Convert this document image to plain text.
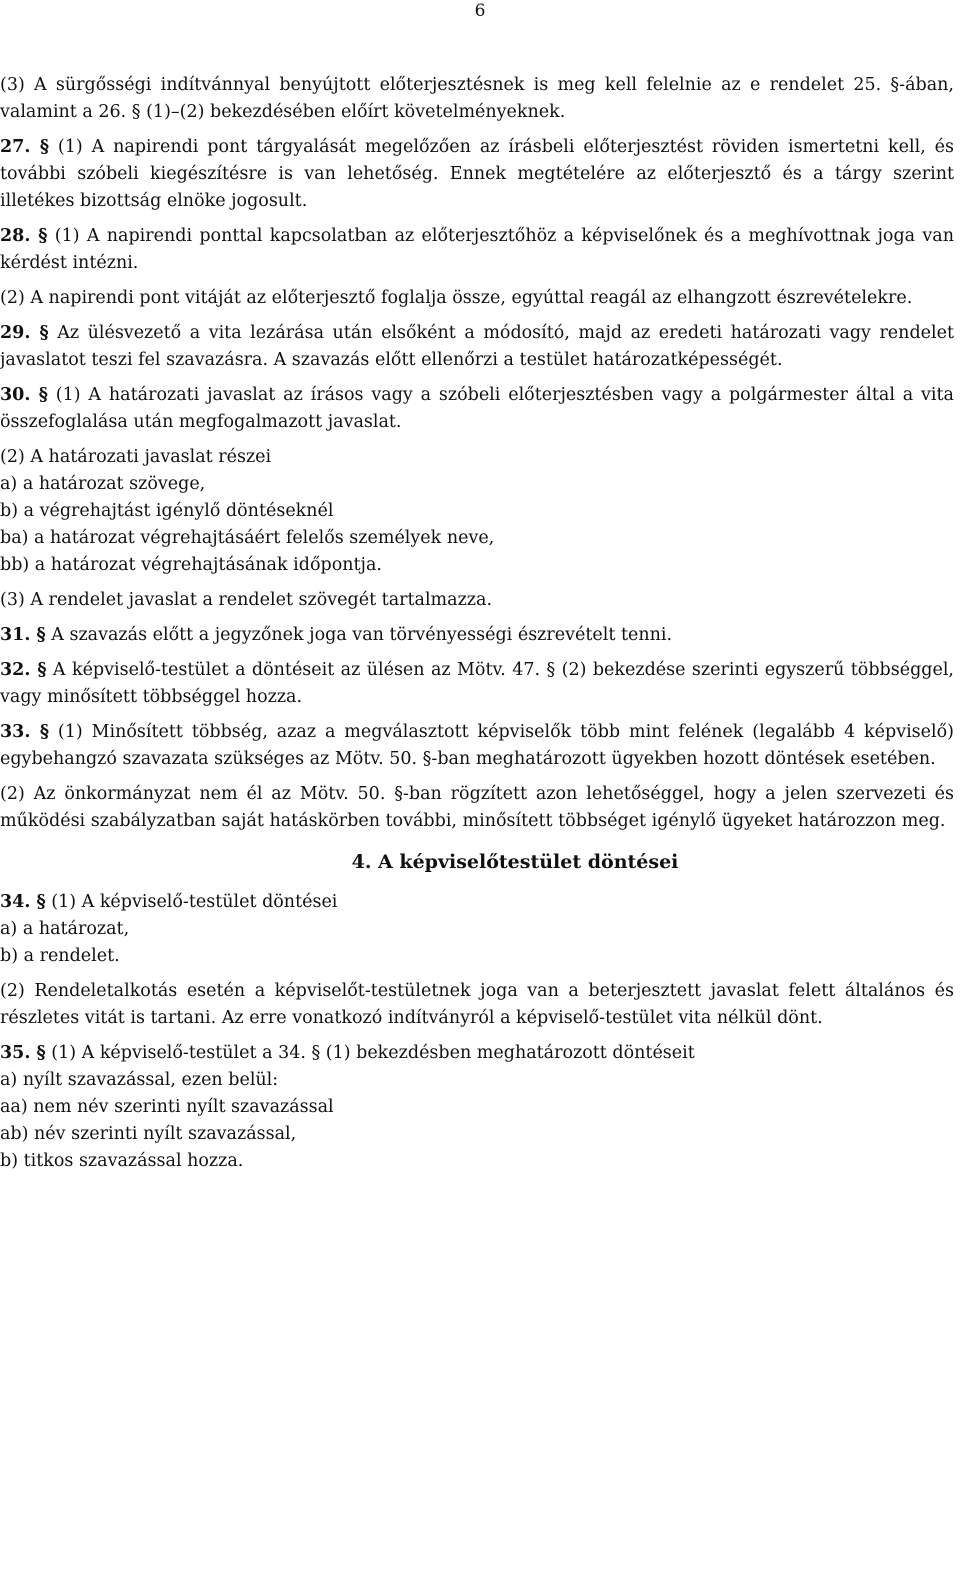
6

(3) A sürgősségi indítvánnyal benyújtott előterjesztésnek is meg kell felelnie az e rendelet 25. §-ában, valamint a 26. § (1)–(2) bekezdésében előírt követelményeknek.

27. § (1) A napirendi pont tárgyalását megelőzően az írásbeli előterjesztést röviden ismertetni kell, és további szóbeli kiegészítésre is van lehetőség. Ennek megtételére az előterjesztő és a tárgy szerint illetékes bizottság elnöke jogosult.

28. § (1) A napirendi ponttal kapcsolatban az előterjesztőhöz a képviselőnek és a meghívottnak joga van kérdést intézni.

(2) A napirendi pont vitáját az előterjesztő foglalja össze, egyúttal reagál az elhangzott észrevételekre.

29. § Az ülésvezető a vita lezárása után elsőként a módosító, majd az eredeti határozati vagy rendelet javaslatot teszi fel szavazásra. A szavazás előtt ellenőrzi a testület határozatképességét.

30. § (1) A határozati javaslat az írásos vagy a szóbeli előterjesztésben vagy a polgármester által a vita összefoglalása után megfogalmazott javaslat.

(2) A határozati javaslat részei
a) a határozat szövege,
b) a végrehajtást igénylő döntéseknél
ba) a határozat végrehajtásáért felelős személyek neve,
bb) a határozat végrehajtásának időpontja.

(3) A rendelet javaslat a rendelet szövegét tartalmazza.

31. § A szavazás előtt a jegyzőnek joga van törvényességi észrevételt tenni.

32. § A képviselő-testület a döntéseit az ülésen az Mötv. 47. § (2) bekezdése szerinti egyszerű többséggel, vagy minősített többséggel hozza.

33. § (1) Minősített többség, azaz a megválasztott képviselők több mint felének (legalább 4 képviselő) egybehangzó szavazata szükséges az Mötv. 50. §-ban meghatározott ügyekben hozott döntések esetében.

(2) Az önkormányzat nem él az Mötv. 50. §-ban rögzített azon lehetőséggel, hogy a jelen szervezeti és működési szabályzatban saját hatáskörben további, minősített többséget igénylő ügyeket határozzon meg.

4. A képviselőtestület döntései
34. § (1) A képviselő-testület döntései
a) a határozat,
b) a rendelet.

(2) Rendeletalkotás esetén a képviselőt-testületnek joga van a beterjesztett javaslat felett általános és részletes vitát is tartani. Az erre vonatkozó indítványról a képviselő-testület vita nélkül dönt.

35. § (1) A képviselő-testület a 34. § (1) bekezdésben meghatározott döntéseit
a) nyílt szavazással, ezen belül:
aa) nem név szerinti nyílt szavazással
ab) név szerinti nyílt szavazással,
b) titkos szavazással hozza.
